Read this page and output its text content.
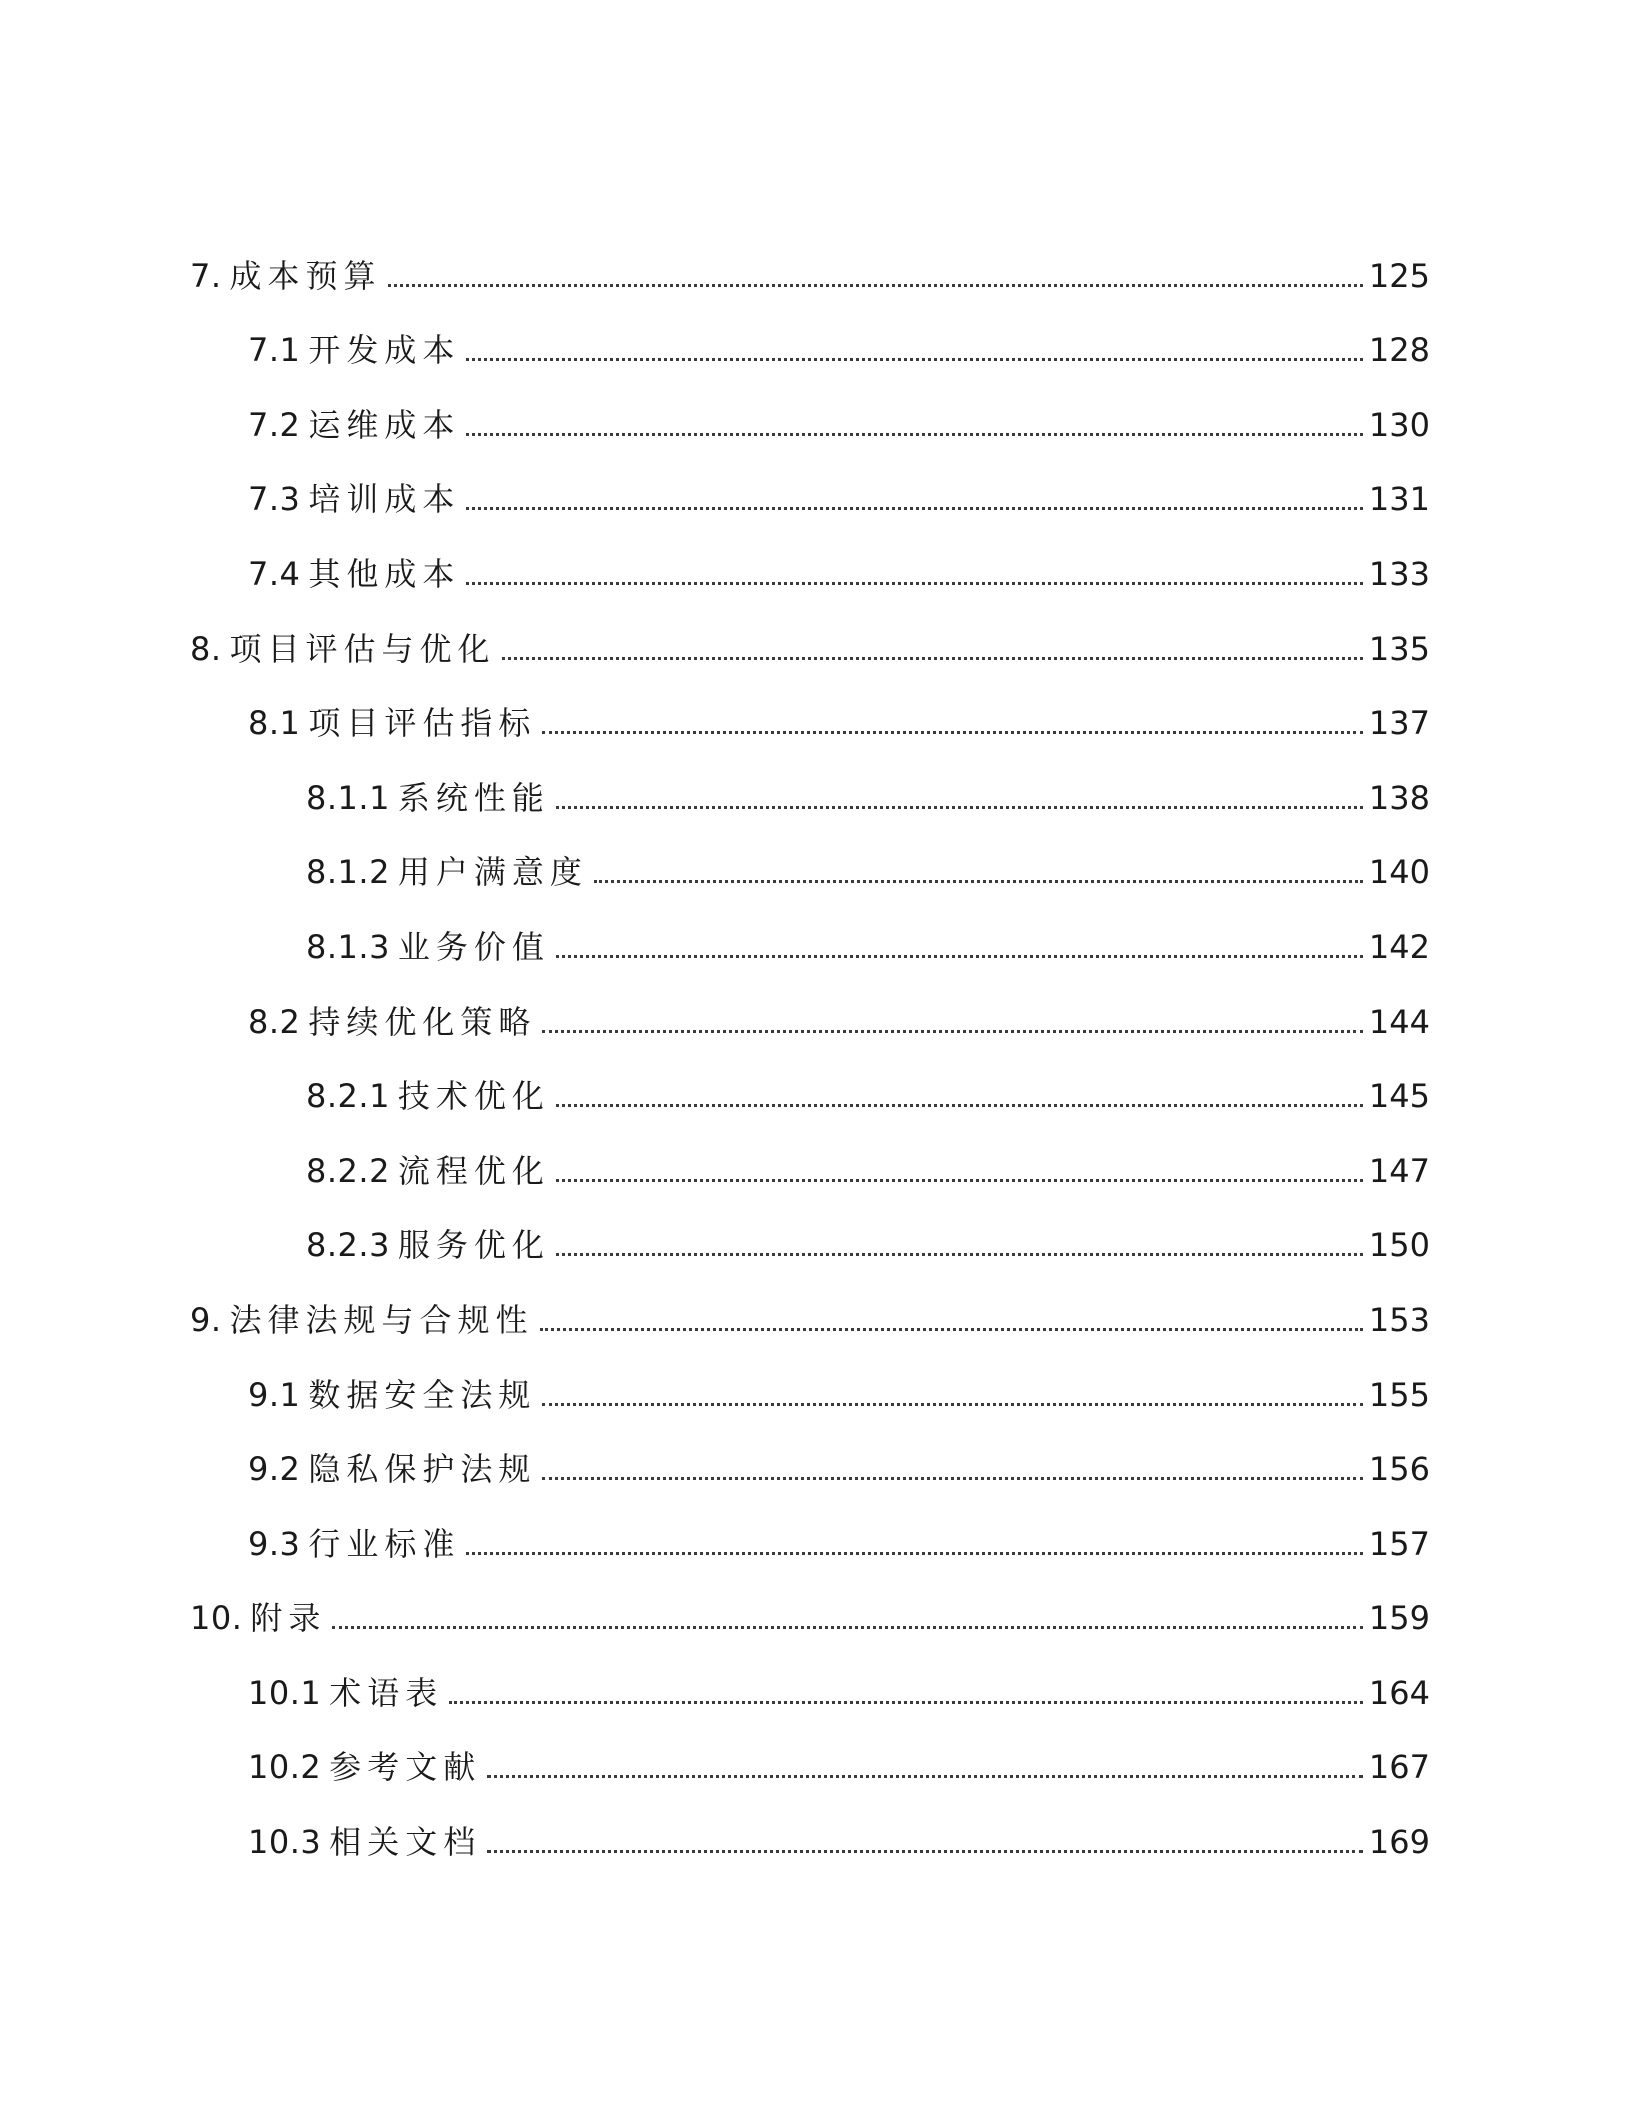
7. 成本预算	125
7.1 开发成本	128
7.2 运维成本	130
7.3 培训成本	131
7.4 其他成本	133
8. 项目评估与优化	135
8.1 项目评估指标	137
8.1.1 系统性能	138
8.1.2 用户满意度	140
8.1.3 业务价值	142
8.2 持续优化策略	144
8.2.1 技术优化	145
8.2.2 流程优化	147
8.2.3 服务优化	150
9. 法律法规与合规性	153
9.1 数据安全法规	155
9.2 隐私保护法规	156
9.3 行业标准	157
10. 附录	159
10.1 术语表	164
10.2 参考文献	167
10.3 相关文档	169
